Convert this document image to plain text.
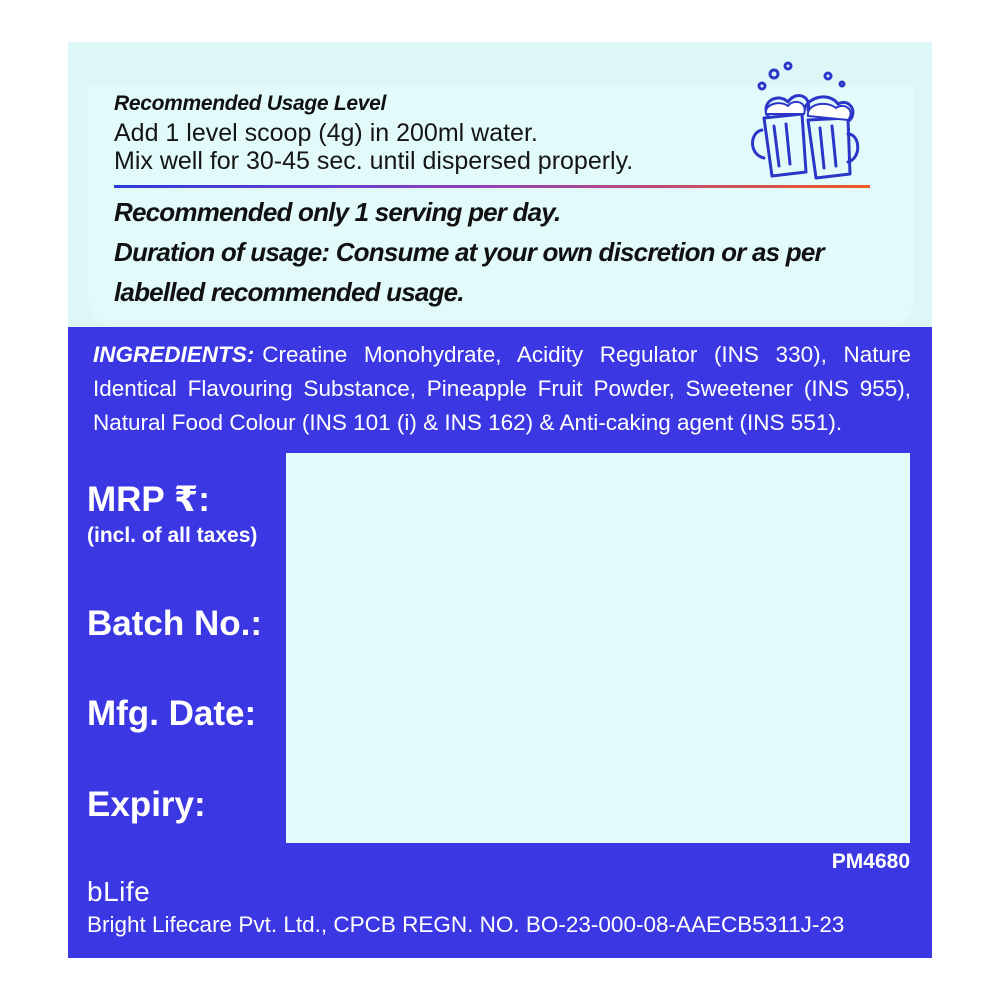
Recommended Usage Level
Add 1 level scoop (4g) in 200ml water.
Mix well for 30-45 sec. until dispersed properly.
Recommended only 1 serving per day.
Duration of usage: Consume at your own discretion or as per labelled recommended usage.
INGREDIENTS: Creatine Monohydrate, Acidity Regulator (INS 330), Nature Identical Flavouring Substance, Pineapple Fruit Powder, Sweetener (INS 955), Natural Food Colour (INS 101 (i) & INS 162) & Anti-caking agent (INS 551).
MRP ₹:
(incl. of all taxes)
Batch No.:
Mfg. Date:
Expiry:
PM4680
bLife
Bright Lifecare Pvt. Ltd., CPCB REGN. NO. BO-23-000-08-AAECB5311J-23
